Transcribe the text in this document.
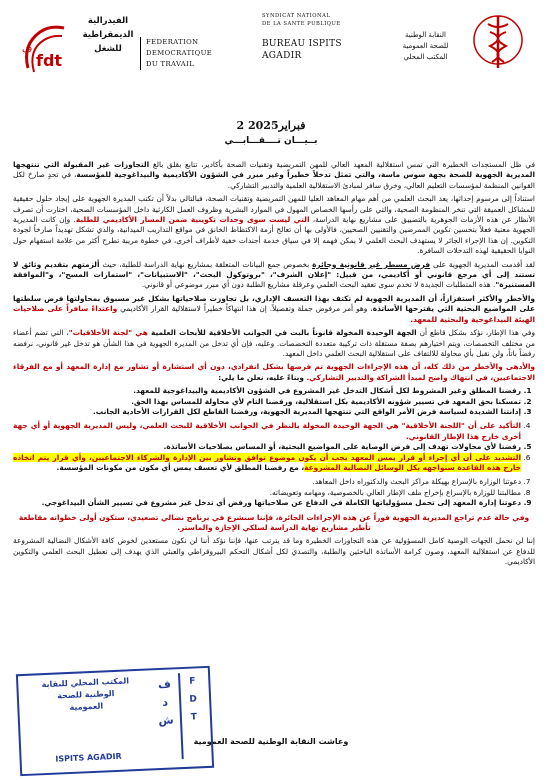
fdt
ف
الفيدرالية
الديمقراطية
للشغل
FEDERATION
DEMOCRATIQUE
DU TRAVAIL
SYNDICAT NATIONAL
DE LA SANTE PUBLIQUE
BUREAU ISPITS
AGADIR
النقابة الوطنية
للصحة العمومية
المكتب المحلي
2 فبراير2025
بــيـــان تــــقـــابـــي

في ظل المستجدات الخطيرة التي تمس استقلالية المعهد العالي للمهن التمريضية وتقنيات الصحة بأكادير، تتابع بقلق بالغ التجاوزات غير المقبولة التي تنتهجها المديرية الجهوية للصحة بجهة سوس ماسة، والتي تمثل تدخلاً خطيراً وغير مبرر في الشؤون الأكاديمية والبيداغوجية للمؤسسة، في تحدٍ صارخ لكل القوانين المنظمة لمؤسسات التعليم العالي، وخرق سافر لمبادئ الاستقلالية العلمية والتدبير التشاركي.

استناداً إلى مرسوم إحداثها، يعد البحث العلمي من أهم مهام المعاهد العليا للمهن التمريضية وتقنيات الصحة، فبالتالي بدلاً أن تكتب المديرة الجهوية على إيجاد حلول حقيقية للمشاكل العميقة التي تنخر المنظومة الصحية، والتي على رأسها الخصاص المهول في الموارد البشرية وظروف العمل الكارثية داخل المؤسسات الصحية، اختارت أن تصرف الأنظار عن هذه الأزمات الجوهرية بالتضييق على مشاريع نهاية الدراسة، التي ليست سوى وحدات تكوينية ضمن المسار الأكاديمي للطلبة. وإن كانت المديرية الجهوية معنية فعلاً بتحسين تكوين الممرضين والتقنيين الصحيين، فالأولى بها أن تعالج أزمة الاكتظاظ الخانق في مواقع التداريب الميدانية، والذي تشكل تهديداً صارخاً لجودة التكوين. إن هذا الإجراء الجائر لا يستهدف البحث العلمي لا يمكن فهمه إلا في سياق خدمة أجندات خفية لأطراف أخرى، في خطوة مريبة تطرح أكثر من علامة استفهام حول النوايا الحقيقية لهذه التدخلات السافرة.

لقد أقدمت المديرية الجهوية على فرض مسطر غير قانونية وجائرة بخصوص جمع البيانات المتعلقة بمشاريع نهاية الدراسة للطلبة، حيث ألزمتهم بتقديم وثائق لا تستند إلى أي مرجع قانوني أو أكاديمي، من قبيل: "إعلان الشرف"، "بروتوكول البحث"، "الاستبيانات"، "استمارات المسح"، و"الموافقة المستنيرة". هذه المتطلبات الجديدة لا تخدم سوى تعقيد البحث العلمي وعرقلة مشاريع الطلبة دون أي مبرر موضوعي أو قانوني.

والأخطر والأكثر استفزازاً، أن المديرية الجهوية لم تكتف بهذا التعسف الإداري، بل تجاوزت صلاحياتها بشكل غير مسبوق بمحاولتها فرض سلطتها على المواضيع البحثية التي يقترحها الأساتذة، وهو أمر مرفوض جملة وتفصيلاً. إن هذا انتهاكاً خطيراً لاستقلالية القرار الأكاديمي واعتداءً سافراً على صلاحيات الهيئة البيداغوجية والبحثية للمعهد.

وفي هذا الإطار، نؤكد بشكل قاطع أن الجهة الوحيدة المخولة قانوناً بالبت في الجوانب الأخلاقية للأبحاث العلمية هي "لجنة الأخلاقيات"، التي تضم أعضاء من مختلف التخصصات، ويتم اختيارهم بصفة مستقلة ذات تركيبة متعددة التخصصات. وعليه، فإن أي تدخل من المديرة الجهوية في هذا الشأن هو تدخل غير قانوني، نرفضه رفضاً باتاً، ولن نقبل بأي محاولة للالتفاف على استقلالية البحث العلمي داخل المعهد.

والأدهى والأخطر من ذلك كله، أن هذه الإجراءات الجهوية تم فرضها بشكل انفرادي، دون أي استشارة أو تشاور مع إدارة المعهد أو مع الفرقاء الاجتماعيين، في انتهاك واضح لمبدأ الشراكة والتدبير التشاركي. وبناءً عليه، نعلن ما يلي:

1. رفضنا المطلق وغير المشروط لكل أشكال التدخل غير المشروع في الشؤون الأكاديمية والبيداغوجية للمعهد.
2. تمسكنا بحق المعهد في تسيير شؤونه الأكاديمية بكل استقلالية، ورفضنا التام لأي محاولة للمساس بهذا الحق.
3. إدانتنا الشديدة لسياسة فرض الأمر الواقع التي تنتهجها المديرية الجهوية، ورفضنا القاطع لكل القرارات الأحادية الجانب.
4. التأكيد على أن "اللجنة الأخلاقية" هي الجهة الوحيدة المخولة بالنظر في الجوانب الأخلاقية للبحث العلمي، وليس المديرية الجهوية أو أي جهة أخرى خارج هذا الإطار القانوني.
5. رفضنا لأي محاولات تهدف إلى فرض الوصاية على المواضيع البحثية، أو المساس بصلاحيات الأساتذة.
6. التشديد على أن أي إجراء أو قرار يمس المعهد يجب أن يكون موضوع توافق وتشاور بين الإدارة والشركاء الاجتماعيين، وأي قرار يتم اتخاذه خارج هذه القاعدة سنواجهه بكل الوسائل النضالية المشروعة، مع رفضنا المطلق لأي تعسف يمس أي مكون من مكونات المؤسسة.
7. دعوتنا الوزارة بالإسراع بهيكلة مراكز البحث والدكتوراه داخل المعاهد.
8. مطالبتنا للوزارة بالإسراع بإخراج ملف الإطار العالي بالخصوصية، ومهامه وتعويضاته.
9. دعوتنا إدارة المعهد إلى تحمل مسؤولياتها الكاملة في الدفاع عن صلاحياتها ورفض أي تدخل غير مشروع في تسيير الشأن البيداغوجي.

وفي حالة عدم تراجع المديرية الجهوية فوراً عن هذه الإجراءات الجائرة، فإننا سنشرع في برنامج نضالي تصعيدي، ستكون أولى خطواته مقاطعة تأطير مشاريع نهاية الدراسة لسلكي الإجازة والماستر.

إننا لن نحمل الجهات الوصية كامل المسؤولية عن هذه التجاوزات الخطيرة وما قد يترتب عنها، فإننا نؤكد أننا لن نكون مستعدين لخوض كافة الأشكال النضالية المشروعة للدفاع عن استقلالية المعهد، وصون كرامة الأساتذة الباحثين والطلبة، والتصدي لكل أشكال التحكم البيروقراطي والعبثي الذي يهدف إلى تعطيل البحث العلمي والتكوين الأكاديمي.

وعاشت النقابة الوطنية للصحة العمومية
المكتب المحلي للنقابة
الوطنية للصحة
العمومية
ISPITS AGADIR
ف
د
ش
F
D
T
